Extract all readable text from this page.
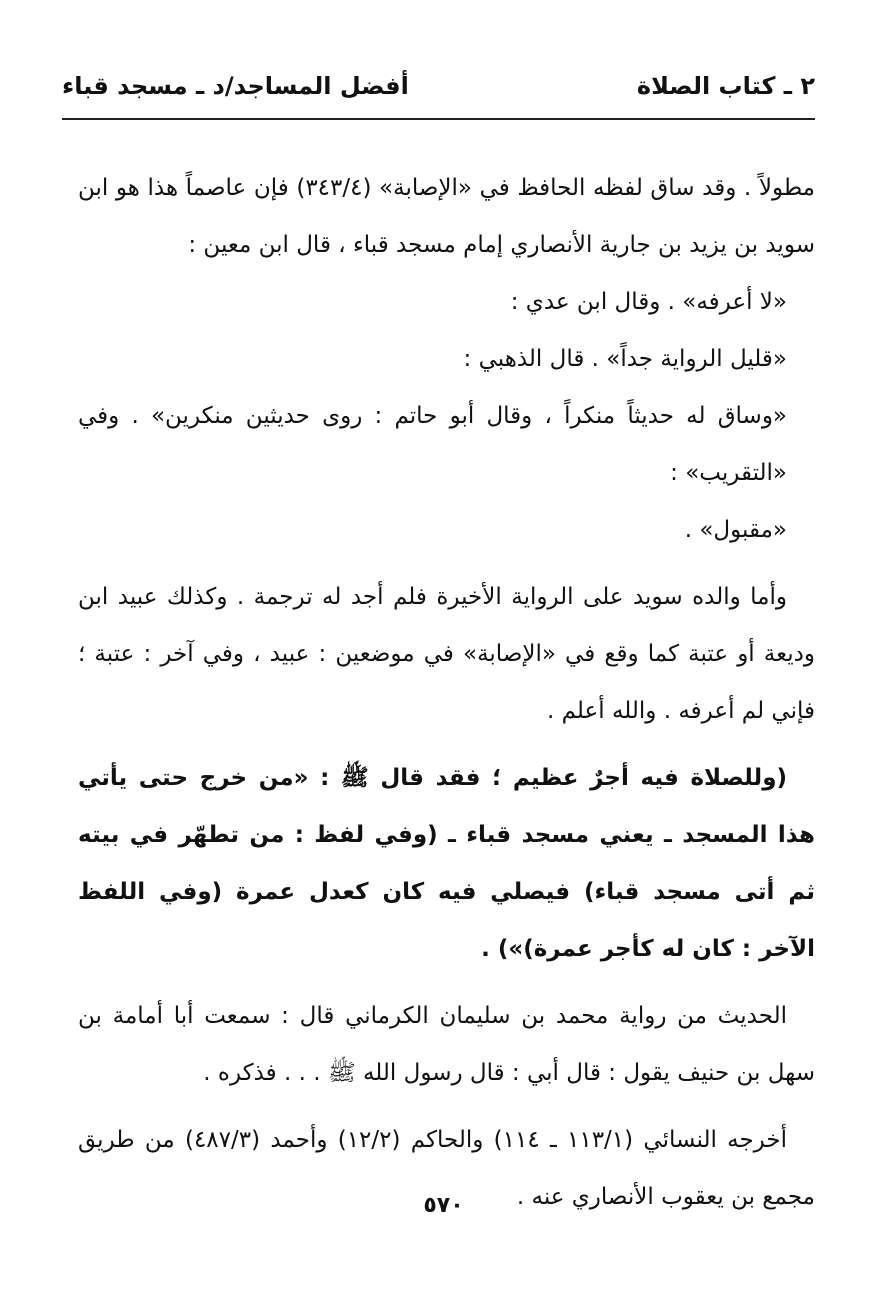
٢ ـ كتاب الصلاة
أفضل المساجد/د ـ مسجد قباء

مطولاً . وقد ساق لفظه الحافظ في «الإصابة» (٣٤٣/٤) فإن عاصماً هذا هو ابن سويد بن يزيد بن جارية الأنصاري إمام مسجد قباء ، قال ابن معين :

«لا أعرفه» . وقال ابن عدي :

«قليل الرواية جداً» . قال الذهبي :

«وساق له حديثاً منكراً ، وقال أبو حاتم : روى حديثين منكرين» . وفي «التقريب» :

«مقبول» .

وأما والده سويد على الرواية الأخيرة فلم أجد له ترجمة . وكذلك عبيد ابن وديعة أو عتبة كما وقع في «الإصابة» في موضعين : عبيد ، وفي آخر : عتبة ؛ فإني لم أعرفه . والله أعلم .

(وللصلاة فيه أجرٌ عظيم ؛ فقد قال ﷺ : «من خرج حتى يأتي هذا المسجد ـ يعني مسجد قباء ـ (وفي لفظ : من تطهّر في بيته ثم أتى مسجد قباء) فيصلي فيه كان كعدل عمرة (وفي اللفظ الآخر : كان له كأجر عمرة)») .

الحديث من رواية محمد بن سليمان الكرماني قال : سمعت أبا أمامة بن سهل بن حنيف يقول : قال أبي : قال رسول الله ﷺ . . . فذكره .

أخرجه النسائي (١١٣/١ ـ ١١٤) والحاكم (١٢/٢) وأحمد (٤٨٧/٣) من طريق مجمع بن يعقوب الأنصاري عنه .

٥٧٠
